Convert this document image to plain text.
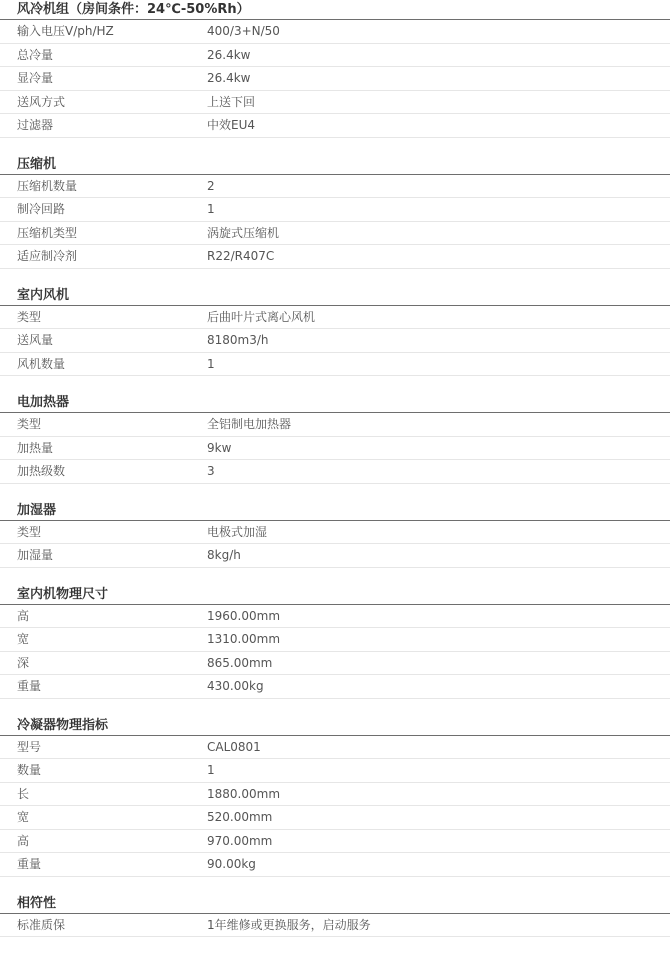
风冷机组（房间条件：24℃-50%Rh）
输入电压V/ph/HZ	400/3+N/50
总冷量	26.4kw
显冷量	26.4kw
送风方式	上送下回
过滤器	中效EU4
压缩机
压缩机数量	2
制冷回路	1
压缩机类型	涡旋式压缩机
适应制冷剂	R22/R407C
室内风机
类型	后曲叶片式离心风机
送风量	8180m3/h
风机数量	1
电加热器
类型	全铝制电加热器
加热量	9kw
加热级数	3
加湿器
类型	电极式加湿
加湿量	8kg/h
室内机物理尺寸
高	1960.00mm
宽	1310.00mm
深	865.00mm
重量	430.00kg
冷凝器物理指标
型号	CAL0801
数量	1
长	1880.00mm
宽	520.00mm
高	970.00mm
重量	90.00kg
相符性
标准质保	1年维修或更换服务，启动服务
